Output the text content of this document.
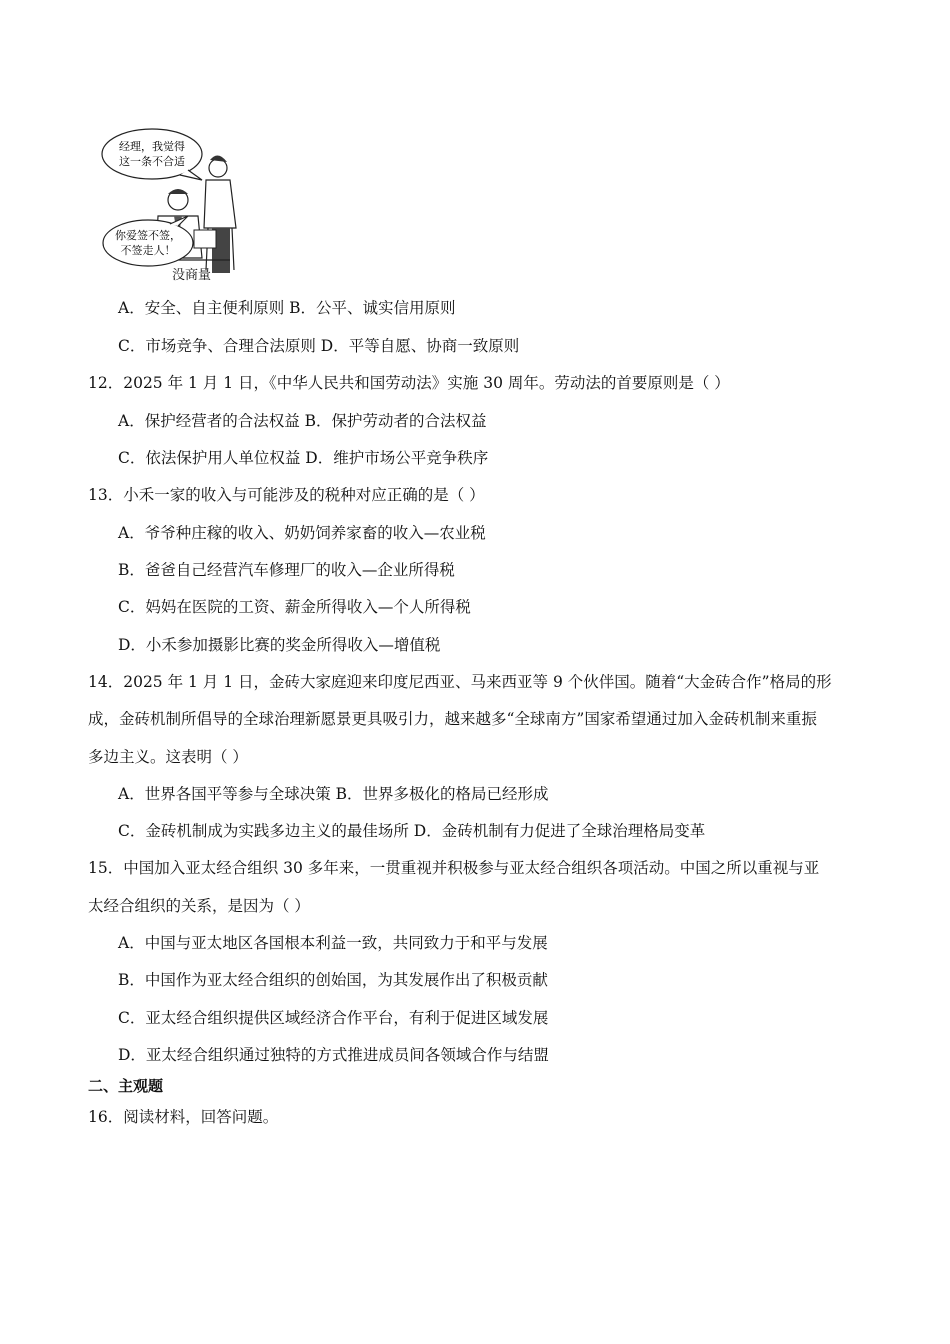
经理，我觉得
这一条不合适
你爱签不签，
不签走人！
没商量
A．安全、自主便利原则 B．公平、诚实信用原则
C．市场竞争、合理合法原则 D．平等自愿、协商一致原则
12．2025 年 1 月 1 日，《中华人民共和国劳动法》实施 30 周年。劳动法的首要原则是（ ）
A．保护经营者的合法权益 B．保护劳动者的合法权益
C．依法保护用人单位权益 D．维护市场公平竞争秩序
13．小禾一家的收入与可能涉及的税种对应正确的是（ ）
A．爷爷种庄稼的收入、奶奶饲养家畜的收入—农业税
B．爸爸自己经营汽车修理厂的收入—企业所得税
C．妈妈在医院的工资、薪金所得收入—个人所得税
D．小禾参加摄影比赛的奖金所得收入—增值税
14．2025 年 1 月 1 日，金砖大家庭迎来印度尼西亚、马来西亚等 9 个伙伴国。随着“大金砖合作”格局的形
成，金砖机制所倡导的全球治理新愿景更具吸引力，越来越多“全球南方”国家希望通过加入金砖机制来重振
多边主义。这表明（ ）
A．世界各国平等参与全球决策 B．世界多极化的格局已经形成
C．金砖机制成为实践多边主义的最佳场所 D．金砖机制有力促进了全球治理格局变革
15．中国加入亚太经合组织 30 多年来，一贯重视并积极参与亚太经合组织各项活动。中国之所以重视与亚
太经合组织的关系，是因为（ ）
A．中国与亚太地区各国根本利益一致，共同致力于和平与发展
B．中国作为亚太经合组织的创始国，为其发展作出了积极贡献
C．亚太经合组织提供区域经济合作平台，有利于促进区域发展
D．亚太经合组织通过独特的方式推进成员间各领域合作与结盟
二、主观题
16．阅读材料，回答问题。
